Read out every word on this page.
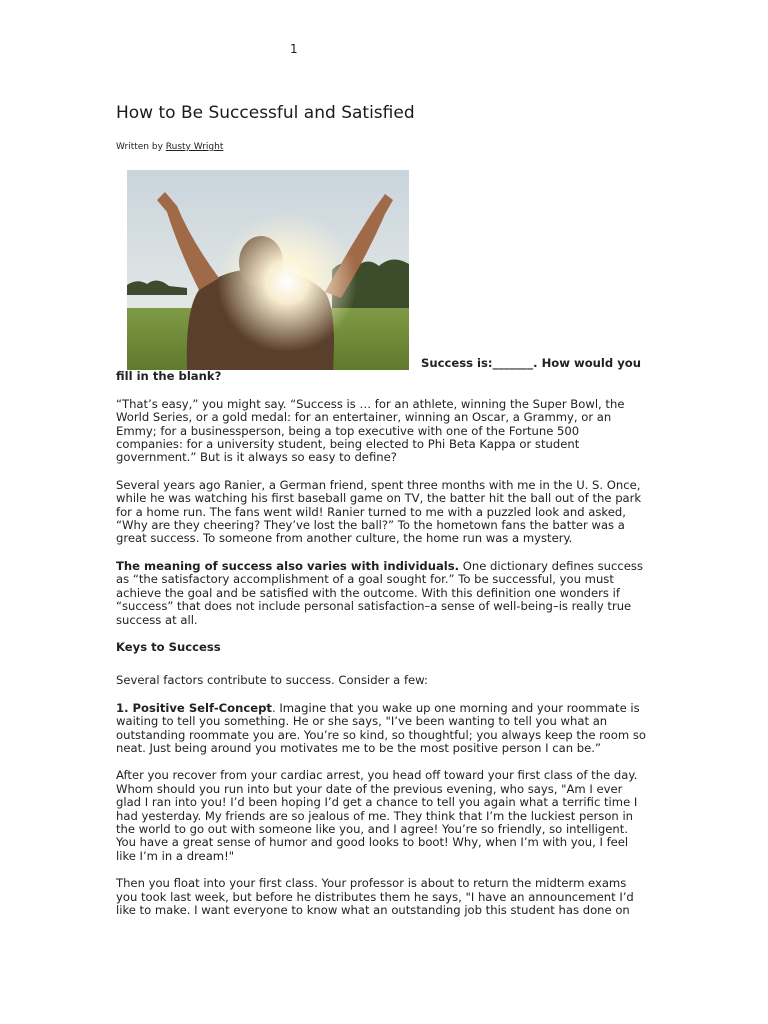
1
How to Be Successful and Satisfied
Written by Rusty Wright

Success is:_______. How would you fill in the blank?

“That’s easy,” you might say. “Success is … for an athlete, winning the Super Bowl, the World Series, or a gold medal: for an entertainer, winning an Oscar, a Grammy, or an Emmy; for a businessperson, being a top executive with one of the Fortune 500 companies: for a university student, being elected to Phi Beta Kappa or student government.” But is it always so easy to define?

Several years ago Ranier, a German friend, spent three months with me in the U. S. Once, while he was watching his first baseball game on TV, the batter hit the ball out of the park for a home run. The fans went wild! Ranier turned to me with a puzzled look and asked, “Why are they cheering? They’ve lost the ball?” To the hometown fans the batter was a great success. To someone from another culture, the home run was a mystery.

The meaning of success also varies with individuals. One dictionary defines success as “the satisfactory accomplishment of a goal sought for.” To be successful, you must achieve the goal and be satisfied with the outcome. With this definition one wonders if “success” that does not include personal satisfaction–a sense of well-being–is really true success at all.

Keys to Success

Several factors contribute to success. Consider a few:

1. Positive Self-Concept. Imagine that you wake up one morning and your roommate is waiting to tell you something. He or she says, "I’ve been wanting to tell you what an outstanding roommate you are. You’re so kind, so thoughtful; you always keep the room so neat. Just being around you motivates me to be the most positive person I can be.”

After you recover from your cardiac arrest, you head off toward your first class of the day. Whom should you run into but your date of the previous evening, who says, "Am I ever glad I ran into you! I’d been hoping I’d get a chance to tell you again what a terrific time I had yesterday. My friends are so jealous of me. They think that I’m the luckiest person in the world to go out with someone like you, and I agree! You’re so friendly, so intelligent. You have a great sense of humor and good looks to boot! Why, when I’m with you, I feel like I’m in a dream!"

Then you float into your first class. Your professor is about to return the midterm exams you took last week, but before he distributes them he says, "I have an announcement I’d like to make. I want everyone to know what an outstanding job this student has done on
